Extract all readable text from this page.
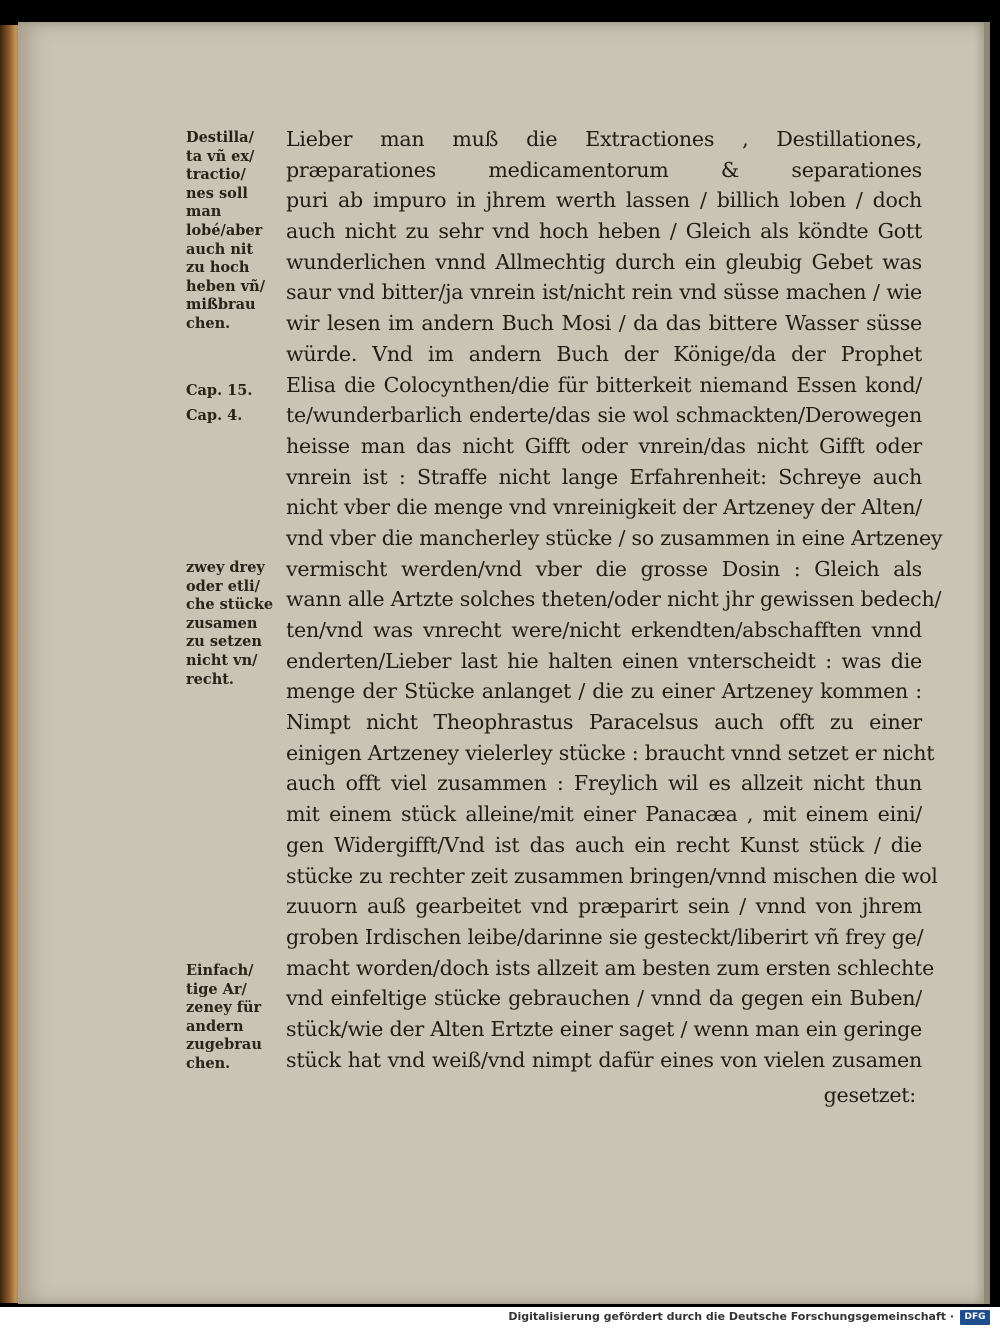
Destilla/
ta vñ ex/
tractio/
nes soll
man
lobé/aber
auch nit
zu hoch
heben vñ/
mißbrau
chen.

Cap. 15.

Cap. 4.

zwey drey
oder etli/
che stücke
zusamen
zu setzen
nicht vn/
recht.

Einfach/
tige Ar/
zeney für
andern
zugebrau
chen.

Lieber man muß die Extractiones , Destillationes,
præparationes medicamentorum & separationes
puri ab impuro in jhrem werth lassen / billich loben / doch
auch nicht zu sehr vnd hoch heben / Gleich als köndte Gott
wunderlichen vnnd Allmechtig durch ein gleubig Gebet was
saur vnd bitter/ja vnrein ist/nicht rein vnd süsse machen / wie
wir lesen im andern Buch Mosi / da das bittere Wasser süsse
würde. Vnd im andern Buch der Könige/da der Prophet
Elisa die Colocynthen/die für bitterkeit niemand Essen kond/
te/wunderbarlich enderte/das sie wol schmackten/Derowegen
heisse man das nicht Gifft oder vnrein/das nicht Gifft oder
vnrein ist : Straffe nicht lange Erfahrenheit: Schreye auch
nicht vber die menge vnd vnreinigkeit der Artzeney der Alten/
vnd vber die mancherley stücke / so zusammen in eine Artzeney
vermischt werden/vnd vber die grosse Dosin : Gleich als
wann alle Artzte solches theten/oder nicht jhr gewissen bedech/
ten/vnd was vnrecht were/nicht erkendten/abschafften vnnd
enderten/Lieber last hie halten einen vnterscheidt : was die
menge der Stücke anlanget / die zu einer Artzeney kommen :
Nimpt nicht Theophrastus Paracelsus auch offt zu einer
einigen Artzeney vielerley stücke : braucht vnnd setzet er nicht
auch offt viel zusammen : Freylich wil es allzeit nicht thun
mit einem stück alleine/mit einer Panacæa , mit einem eini/
gen Widergifft/Vnd ist das auch ein recht Kunst stück / die
stücke zu rechter zeit zusammen bringen/vnnd mischen die wol
zuuorn auß gearbeitet vnd præparirt sein / vnnd von jhrem
groben Irdischen leibe/darinne sie gesteckt/liberirt vñ frey ge/
macht worden/doch ists allzeit am besten zum ersten schlechte
vnd einfeltige stücke gebrauchen / vnnd da gegen ein Buben/
stück/wie der Alten Ertzte einer saget / wenn man ein geringe
stück hat vnd weiß/vnd nimpt dafür eines von vielen zusamen
gesetzet:
Digitalisierung gefördert durch die Deutsche Forschungsgemeinschaft ·	DFG
